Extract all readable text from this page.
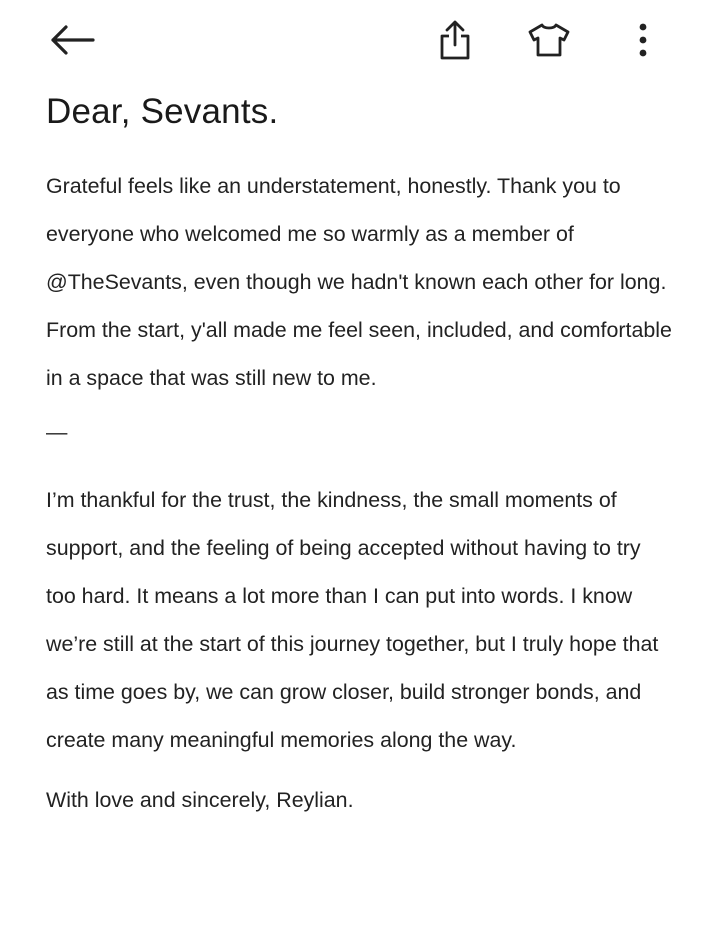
Dear, Sevants.

Grateful feels like an understatement, honestly. Thank you to everyone who welcomed me so warmly as a member of @TheSevants, even though we hadn't known each other for long. From the start, y'all made me feel seen, included, and comfortable in a space that was still new to me.

—

I’m thankful for the trust, the kindness, the small moments of support, and the feeling of being accepted without having to try too hard. It means a lot more than I can put into words. I know we’re still at the start of this journey together, but I truly hope that as time goes by, we can grow closer, build stronger bonds, and create many meaningful memories along the way.

With love and sincerely, Reylian.
